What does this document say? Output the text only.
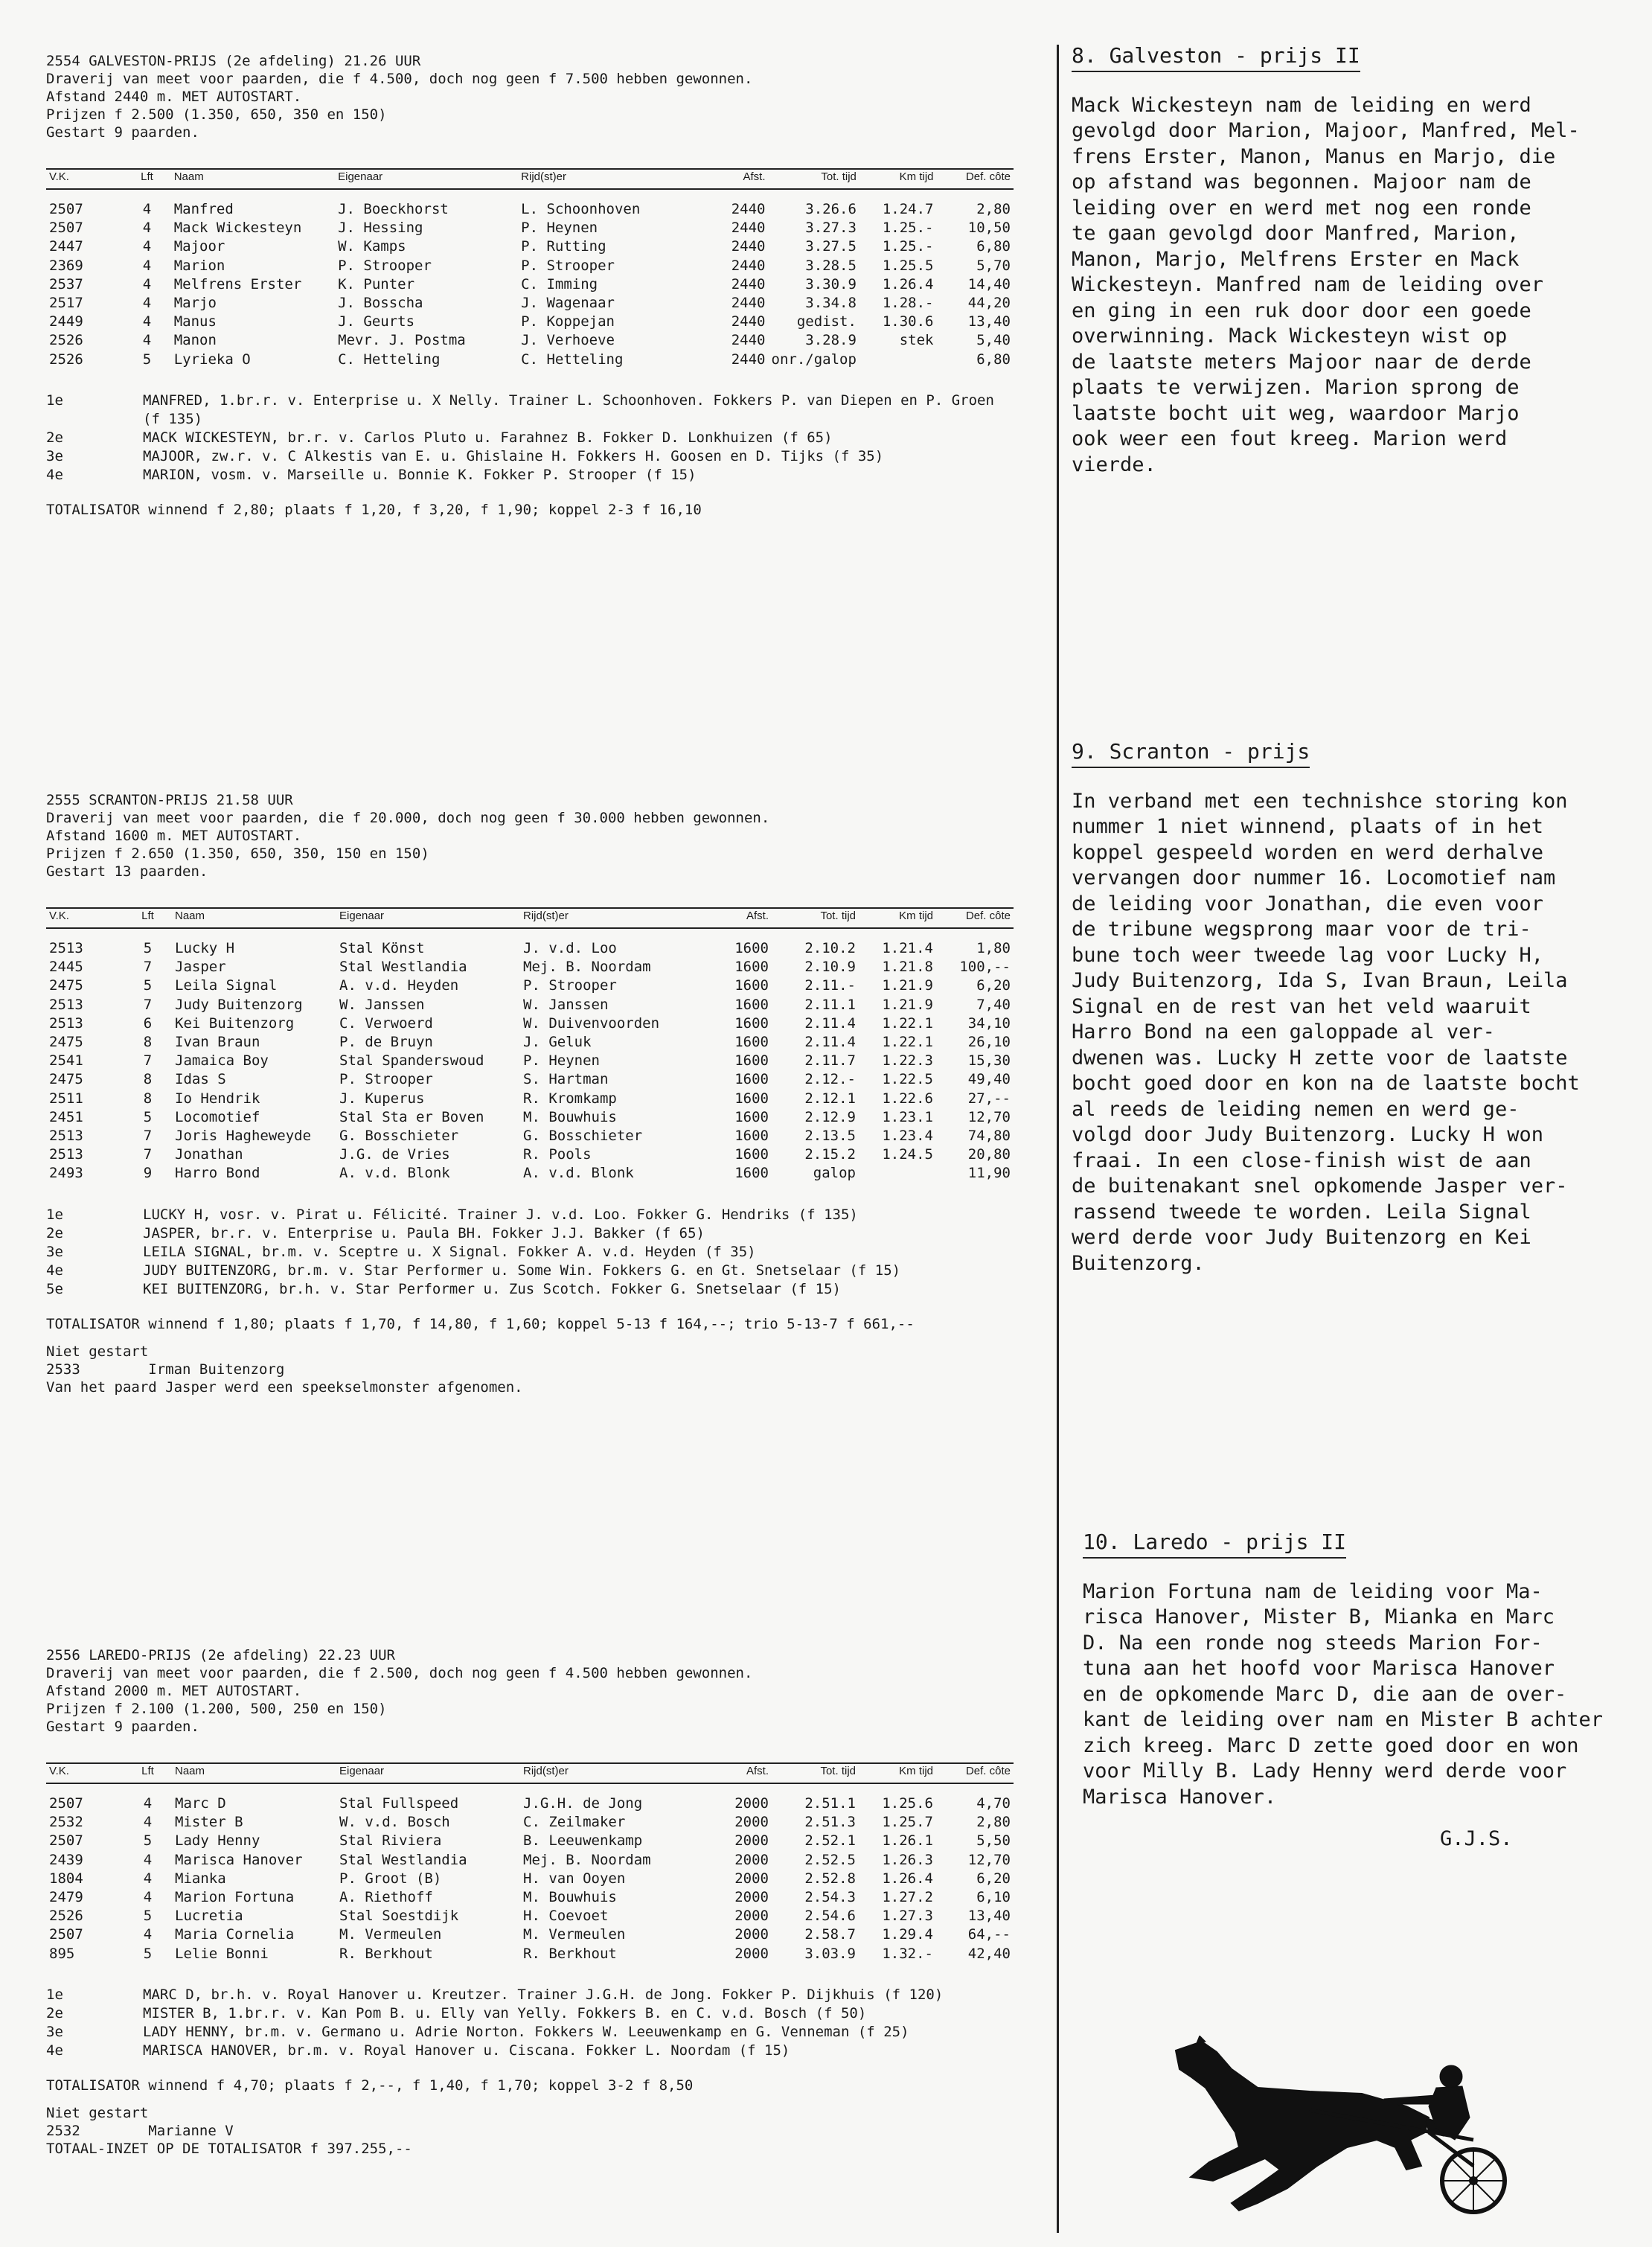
2554 GALVESTON-PRIJS (2e afdeling) 21.26 UUR
Draverij van meet voor paarden, die f 4.500, doch nog geen f 7.500 hebben gewonnen.
Afstand 2440 m. MET AUTOSTART.
Prijzen f 2.500 (1.350, 650, 350 en 150)
Gestart 9 paarden.
V.K.	Lft	Naam	Eigenaar	Rijd(st)er	Afst.	Tot. tijd	Km tijd	Def. côte
2507	4	Manfred	J. Boeckhorst	L. Schoonhoven	2440	3.26.6	1.24.7	2,80
2507	4	Mack Wickesteyn	J. Hessing	P. Heynen	2440	3.27.3	1.25.-	10,50
2447	4	Majoor	W. Kamps	P. Rutting	2440	3.27.5	1.25.-	6,80
2369	4	Marion	P. Strooper	P. Strooper	2440	3.28.5	1.25.5	5,70
2537	4	Melfrens Erster	K. Punter	C. Imming	2440	3.30.9	1.26.4	14,40
2517	4	Marjo	J. Bosscha	J. Wagenaar	2440	3.34.8	1.28.-	44,20
2449	4	Manus	J. Geurts	P. Koppejan	2440	gedist.	1.30.6	13,40
2526	4	Manon	Mevr. J. Postma	J. Verhoeve	2440	3.28.9	stek	5,40
2526	5	Lyrieka O	C. Hetteling	C. Hetteling	2440	onr./galop		6,80
1e	MANFRED, 1.br.r. v. Enterprise u. X Nelly. Trainer L. Schoonhoven. Fokkers P. van Diepen en P. Groen (f 135)
2e	MACK WICKESTEYN, br.r. v. Carlos Pluto u. Farahnez B. Fokker D. Lonkhuizen (f 65)
3e	MAJOOR, zw.r. v. C Alkestis van E. u. Ghislaine H. Fokkers H. Goosen en D. Tijks (f 35)
4e	MARION, vosm. v. Marseille u. Bonnie K. Fokker P. Strooper (f 15)
TOTALISATOR winnend f 2,80; plaats f 1,20, f 3,20, f 1,90; koppel 2-3 f 16,10
2555 SCRANTON-PRIJS 21.58 UUR
Draverij van meet voor paarden, die f 20.000, doch nog geen f 30.000 hebben gewonnen.
Afstand 1600 m. MET AUTOSTART.
Prijzen f 2.650 (1.350, 650, 350, 150 en 150)
Gestart 13 paarden.
V.K.	Lft	Naam	Eigenaar	Rijd(st)er	Afst.	Tot. tijd	Km tijd	Def. côte
2513	5	Lucky H	Stal Könst	J. v.d. Loo	1600	2.10.2	1.21.4	1,80
2445	7	Jasper	Stal Westlandia	Mej. B. Noordam	1600	2.10.9	1.21.8	100,--
2475	5	Leila Signal	A. v.d. Heyden	P. Strooper	1600	2.11.-	1.21.9	6,20
2513	7	Judy Buitenzorg	W. Janssen	W. Janssen	1600	2.11.1	1.21.9	7,40
2513	6	Kei Buitenzorg	C. Verwoerd	W. Duivenvoorden	1600	2.11.4	1.22.1	34,10
2475	8	Ivan Braun	P. de Bruyn	J. Geluk	1600	2.11.4	1.22.1	26,10
2541	7	Jamaica Boy	Stal Spanderswoud	P. Heynen	1600	2.11.7	1.22.3	15,30
2475	8	Idas S	P. Strooper	S. Hartman	1600	2.12.-	1.22.5	49,40
2511	8	Io Hendrik	J. Kuperus	R. Kromkamp	1600	2.12.1	1.22.6	27,--
2451	5	Locomotief	Stal Sta er Boven	M. Bouwhuis	1600	2.12.9	1.23.1	12,70
2513	7	Joris Hagheweyde	G. Bosschieter	G. Bosschieter	1600	2.13.5	1.23.4	74,80
2513	7	Jonathan	J.G. de Vries	R. Pools	1600	2.15.2	1.24.5	20,80
2493	9	Harro Bond	A. v.d. Blonk	A. v.d. Blonk	1600	galop		11,90
1e	LUCKY H, vosr. v. Pirat u. Félicité. Trainer J. v.d. Loo. Fokker G. Hendriks (f 135)
2e	JASPER, br.r. v. Enterprise u. Paula BH. Fokker J.J. Bakker (f 65)
3e	LEILA SIGNAL, br.m. v. Sceptre u. X Signal. Fokker A. v.d. Heyden (f 35)
4e	JUDY BUITENZORG, br.m. v. Star Performer u. Some Win. Fokkers G. en Gt. Snetselaar (f 15)
5e	KEI BUITENZORG, br.h. v. Star Performer u. Zus Scotch. Fokker G. Snetselaar (f 15)
TOTALISATOR winnend f 1,80; plaats f 1,70, f 14,80, f 1,60; koppel 5-13 f 164,--; trio 5-13-7 f 661,--
Niet gestart
2533        Irman Buitenzorg
Van het paard Jasper werd een speekselmonster afgenomen.
2556 LAREDO-PRIJS (2e afdeling) 22.23 UUR
Draverij van meet voor paarden, die f 2.500, doch nog geen f 4.500 hebben gewonnen.
Afstand 2000 m. MET AUTOSTART.
Prijzen f 2.100 (1.200, 500, 250 en 150)
Gestart 9 paarden.
V.K.	Lft	Naam	Eigenaar	Rijd(st)er	Afst.	Tot. tijd	Km tijd	Def. côte
2507	4	Marc D	Stal Fullspeed	J.G.H. de Jong	2000	2.51.1	1.25.6	4,70
2532	4	Mister B	W. v.d. Bosch	C. Zeilmaker	2000	2.51.3	1.25.7	2,80
2507	5	Lady Henny	Stal Riviera	B. Leeuwenkamp	2000	2.52.1	1.26.1	5,50
2439	4	Marisca Hanover	Stal Westlandia	Mej. B. Noordam	2000	2.52.5	1.26.3	12,70
1804	4	Mianka	P. Groot (B)	H. van Ooyen	2000	2.52.8	1.26.4	6,20
2479	4	Marion Fortuna	A. Riethoff	M. Bouwhuis	2000	2.54.3	1.27.2	6,10
2526	5	Lucretia	Stal Soestdijk	H. Coevoet	2000	2.54.6	1.27.3	13,40
2507	4	Maria Cornelia	M. Vermeulen	M. Vermeulen	2000	2.58.7	1.29.4	64,--
895	5	Lelie Bonni	R. Berkhout	R. Berkhout	2000	3.03.9	1.32.-	42,40
1e	MARC D, br.h. v. Royal Hanover u. Kreutzer. Trainer J.G.H. de Jong. Fokker P. Dijkhuis (f 120)
2e	MISTER B, 1.br.r. v. Kan Pom B. u. Elly van Yelly. Fokkers B. en C. v.d. Bosch (f 50)
3e	LADY HENNY, br.m. v. Germano u. Adrie Norton. Fokkers W. Leeuwenkamp en G. Venneman (f 25)
4e	MARISCA HANOVER, br.m. v. Royal Hanover u. Ciscana. Fokker L. Noordam (f 15)
TOTALISATOR winnend f 4,70; plaats f 2,--, f 1,40, f 1,70; koppel 3-2 f 8,50
Niet gestart
2532        Marianne V
TOTAAL-INZET OP DE TOTALISATOR f 397.255,--
8. Galveston - prijs II

Mack Wickesteyn nam de leiding en werd
gevolgd door Marion, Majoor, Manfred, Mel-
frens Erster, Manon, Manus en Marjo, die
op afstand was begonnen. Majoor nam de
leiding over en werd met nog een ronde
te gaan gevolgd door Manfred, Marion,
Manon, Marjo, Melfrens Erster en Mack
Wickesteyn. Manfred nam de leiding over
en ging in een ruk door door een goede
overwinning. Mack Wickesteyn wist op
de laatste meters Majoor naar de derde
plaats te verwijzen. Marion sprong de
laatste bocht uit weg, waardoor Marjo
ook weer een fout kreeg. Marion werd
vierde.

9. Scranton - prijs

In verband met een technishce storing kon
nummer 1 niet winnend, plaats of in het
koppel gespeeld worden en werd derhalve
vervangen door nummer 16. Locomotief nam
de leiding voor Jonathan, die even voor
de tribune wegsprong maar voor de tri-
bune toch weer tweede lag voor Lucky H,
Judy Buitenzorg, Ida S, Ivan Braun, Leila
Signal en de rest van het veld waaruit
Harro Bond na een galoppade al ver-
dwenen was. Lucky H zette voor de laatste
bocht goed door en kon na de laatste bocht
al reeds de leiding nemen en werd ge-
volgd door Judy Buitenzorg. Lucky H won
fraai. In een close-finish wist de aan
de buitenakant snel opkomende Jasper ver-
rassend tweede te worden. Leila Signal
werd derde voor Judy Buitenzorg en Kei
Buitenzorg.

10. Laredo - prijs II

Marion Fortuna nam de leiding voor Ma-
risca Hanover, Mister B, Mianka en Marc
D. Na een ronde nog steeds Marion For-
tuna aan het hoofd voor Marisca Hanover
en de opkomende Marc D, die aan de over-
kant de leiding over nam en Mister B achter
zich kreeg. Marc D zette goed door en won
voor Milly B. Lady Henny werd derde voor
Marisca Hanover.

G.J.S.
